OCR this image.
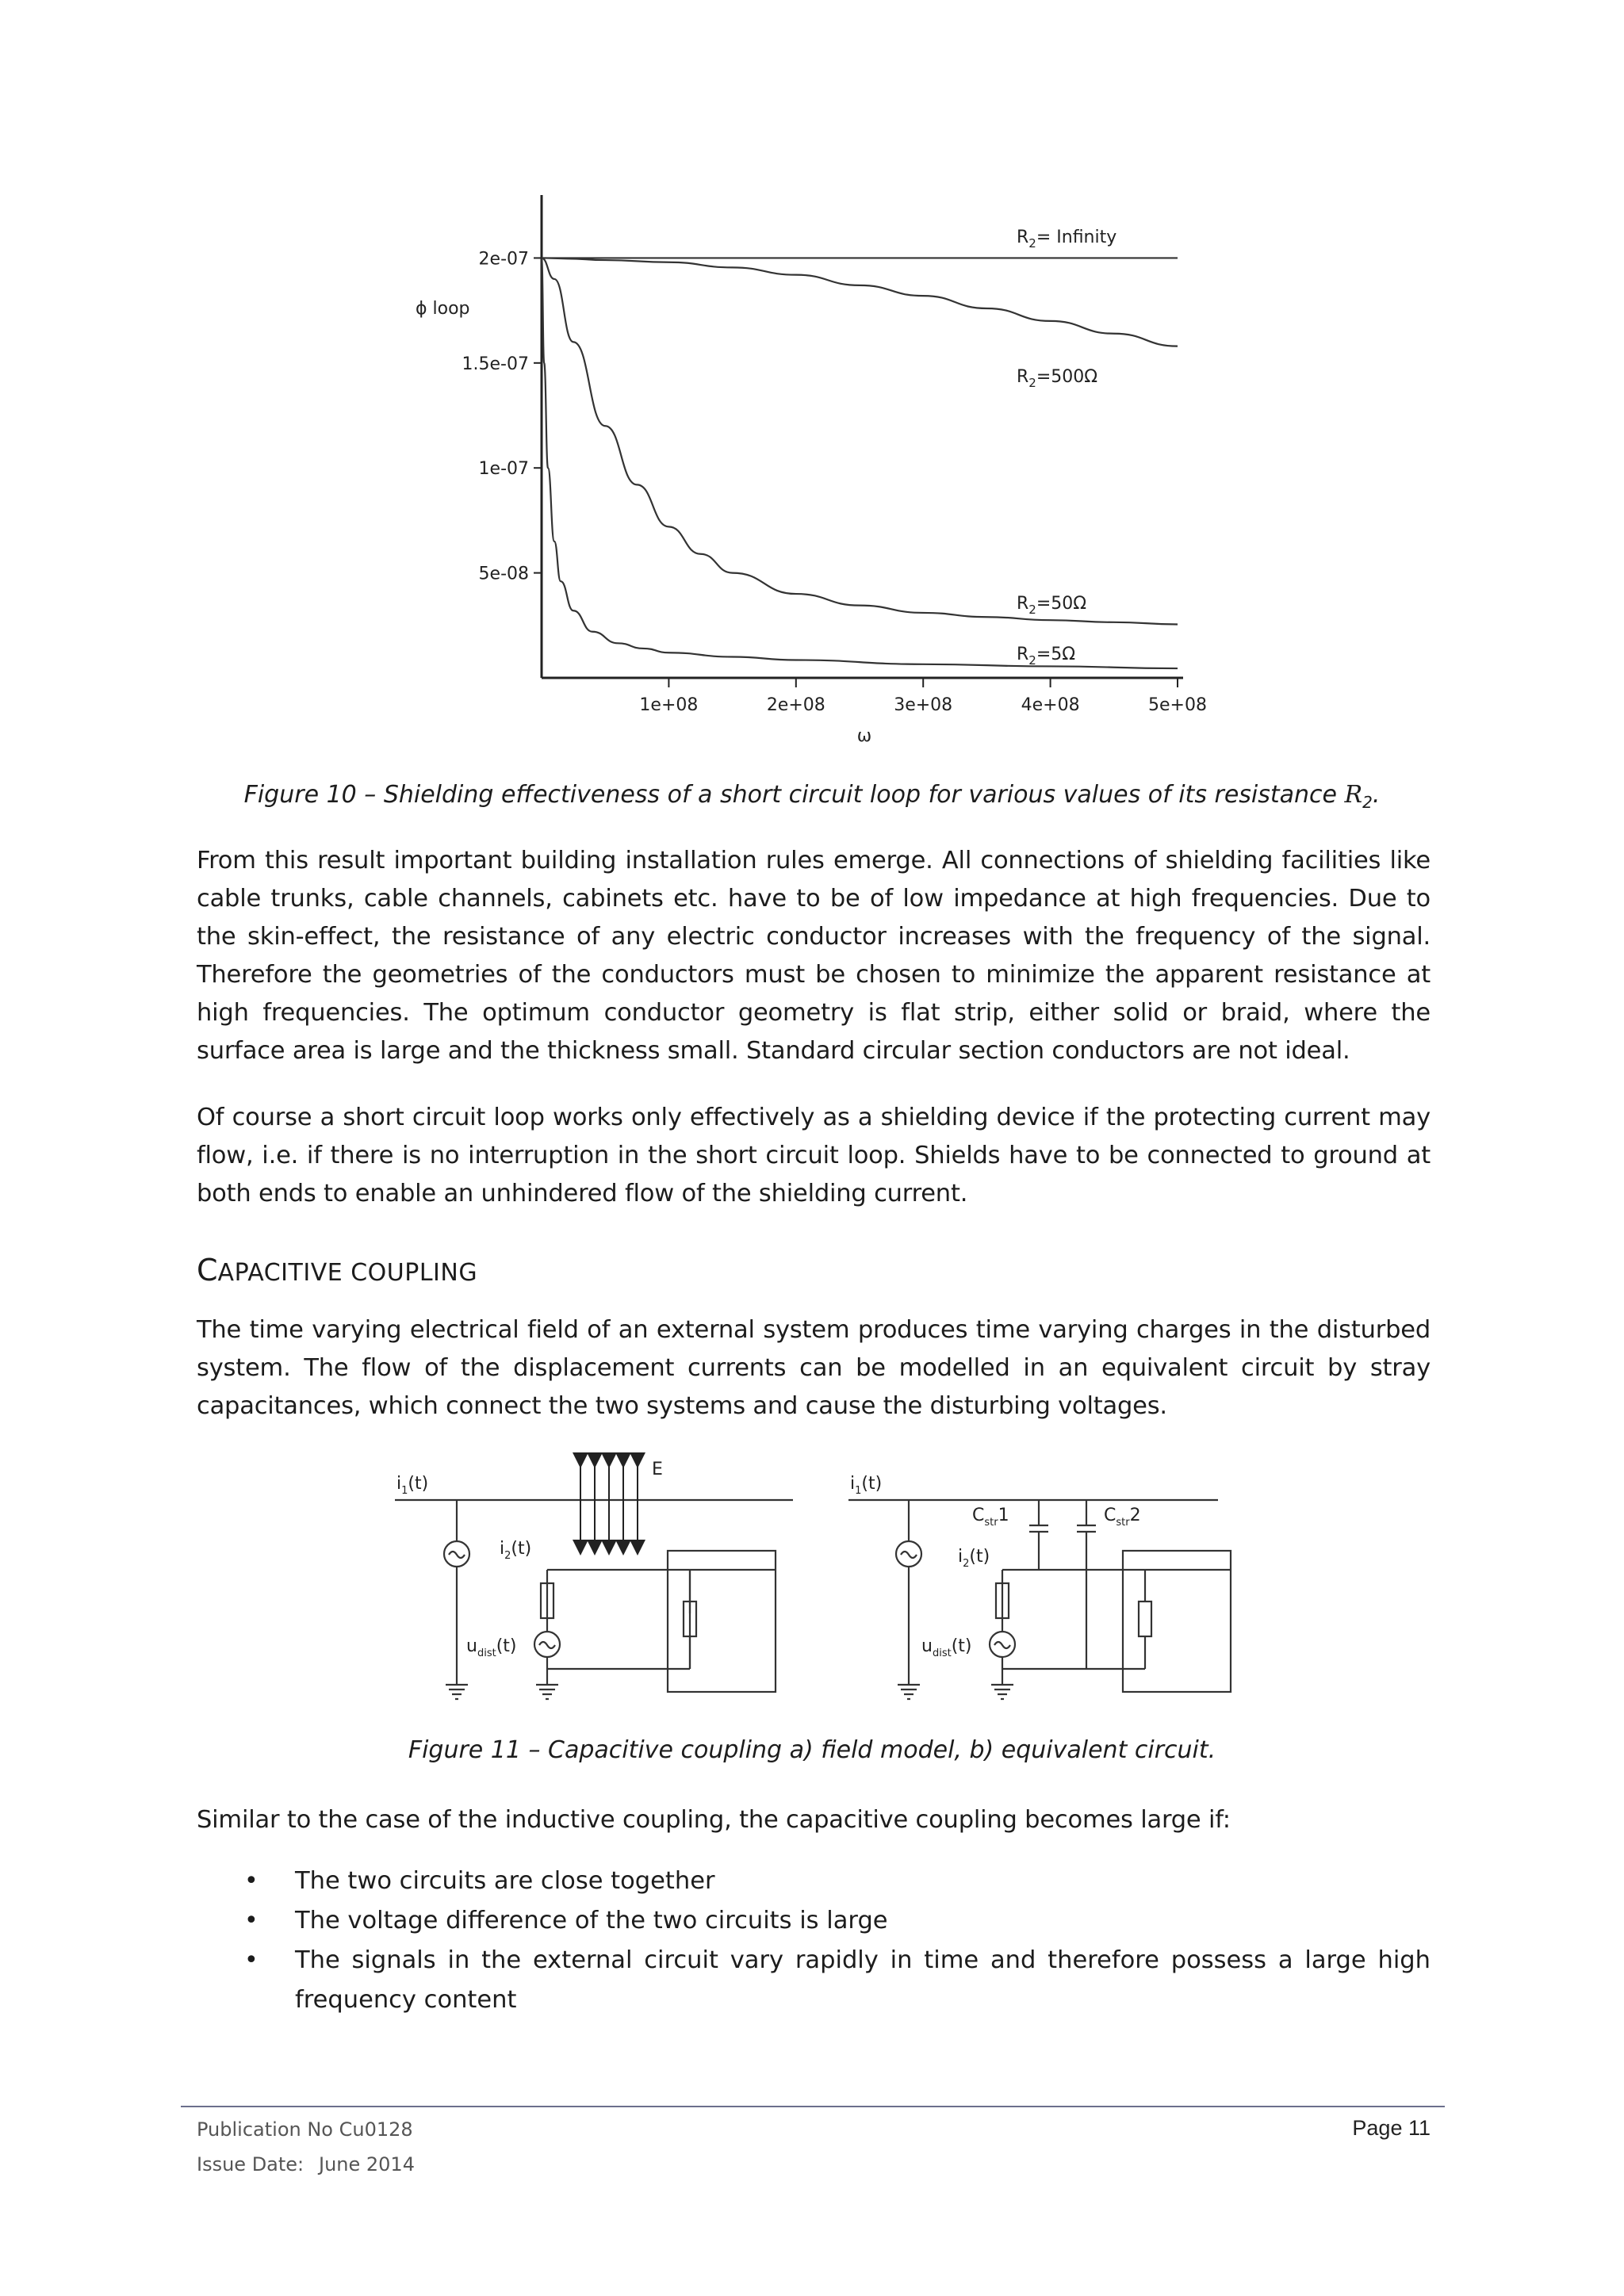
1e+08	2e+08	3e+08	4e+08	5e+08
5e-08
1e-07
1.5e-07
2e-07
$R_2=$ Infinity
$R_2=500\Omega$
$R_2=50\Omega$
$R_2=5\Omega$
ϕ loop
ω
Figure 10 – Shielding effectiveness of a short circuit loop for various values of its resistance $R_2$.

From this result important building installation rules emerge. All connections of shielding facilities like cable trunks, cable channels, cabinets etc. have to be of low impedance at high frequencies. Due to the skin-effect, the resistance of any electric conductor increases with the frequency of the signal. Therefore the geometries of the conductors must be chosen to minimize the apparent resistance at high frequencies. The optimum conductor geometry is flat strip, either solid or braid, where the surface area is large and the thickness small. Standard circular section conductors are not ideal.

Of course a short circuit loop works only effectively as a shielding device if the protecting current may flow, i.e. if there is no interruption in the short circuit loop. Shields have to be connected to ground at both ends to enable an unhindered flow of the shielding current.

CAPACITIVE COUPLING

The time varying electrical field of an external system produces time varying charges in the disturbed system. The flow of the displacement currents can be modelled in an equivalent circuit by stray capacitances, which connect the two systems and cause the disturbing voltages.

$i_1(t)$
E
$i_2(t)$
$u_{dist}(t)$
$i_1(t)$
$C_{str}1$	$C_{str}2$
$i_2(t)$
$u_{dist}(t)$
Figure 11 – Capacitive coupling a) field model, b) equivalent circuit.

Similar to the case of the inductive coupling, the capacitive coupling becomes large if:

• The two circuits are close together
• The voltage difference of the two circuits is large
• The signals in the external circuit vary rapidly in time and therefore possess a large high frequency content
Publication No Cu0128
Issue Date: June 2014
Page 11
